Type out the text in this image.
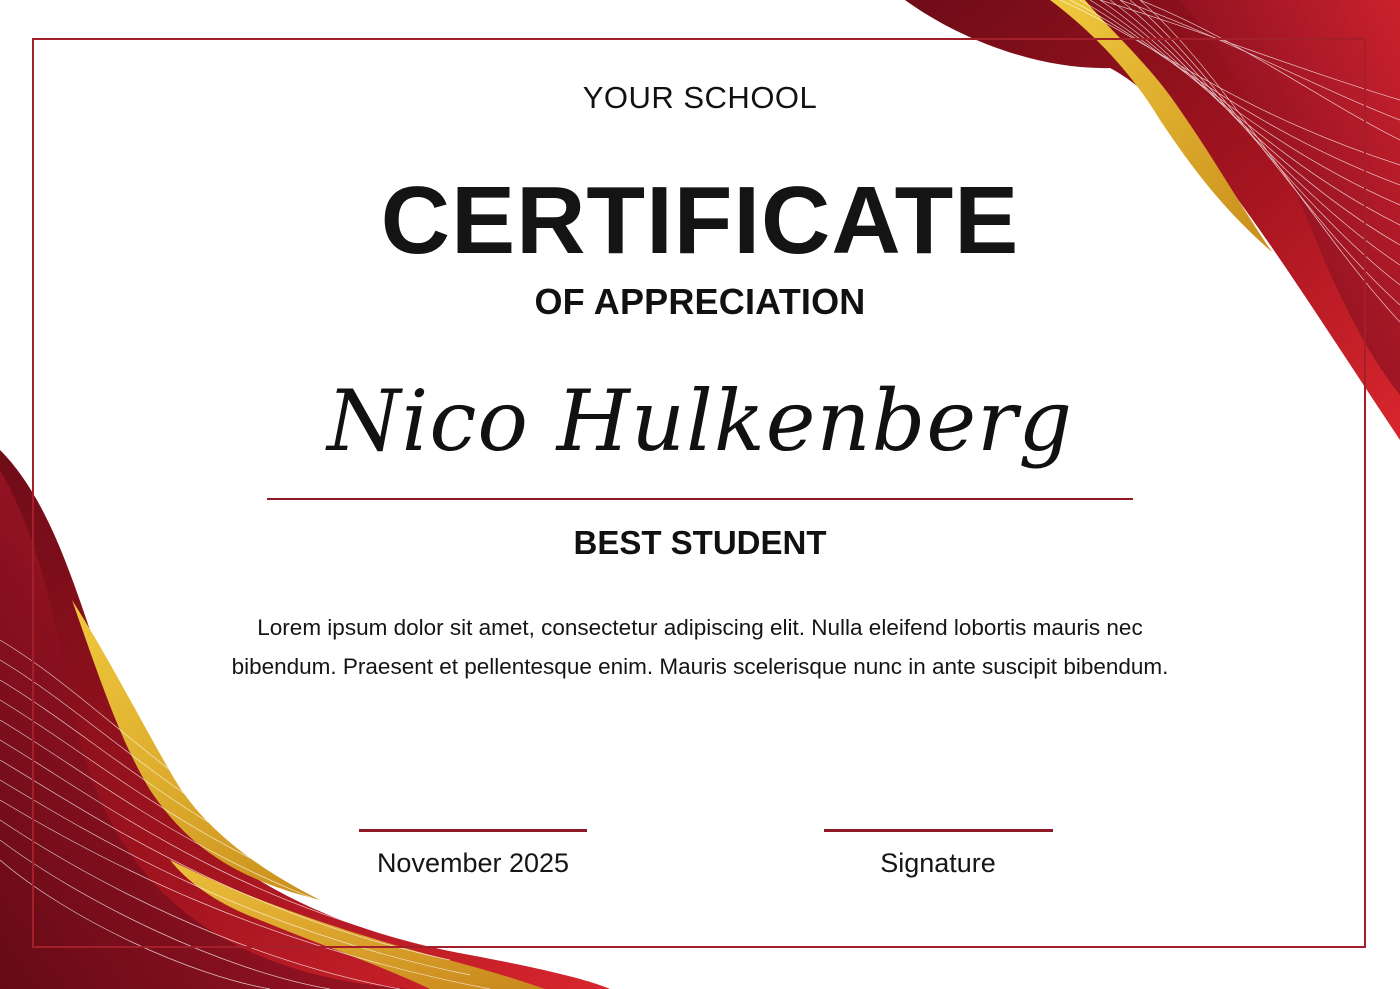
YOUR SCHOOL
CERTIFICATE
OF APPRECIATION
Nico Hulkenberg
BEST STUDENT
Lorem ipsum dolor sit amet, consectetur adipiscing elit. Nulla eleifend lobortis mauris nec bibendum. Praesent et pellentesque enim. Mauris scelerisque nunc in ante suscipit bibendum.
November 2025	Signature
